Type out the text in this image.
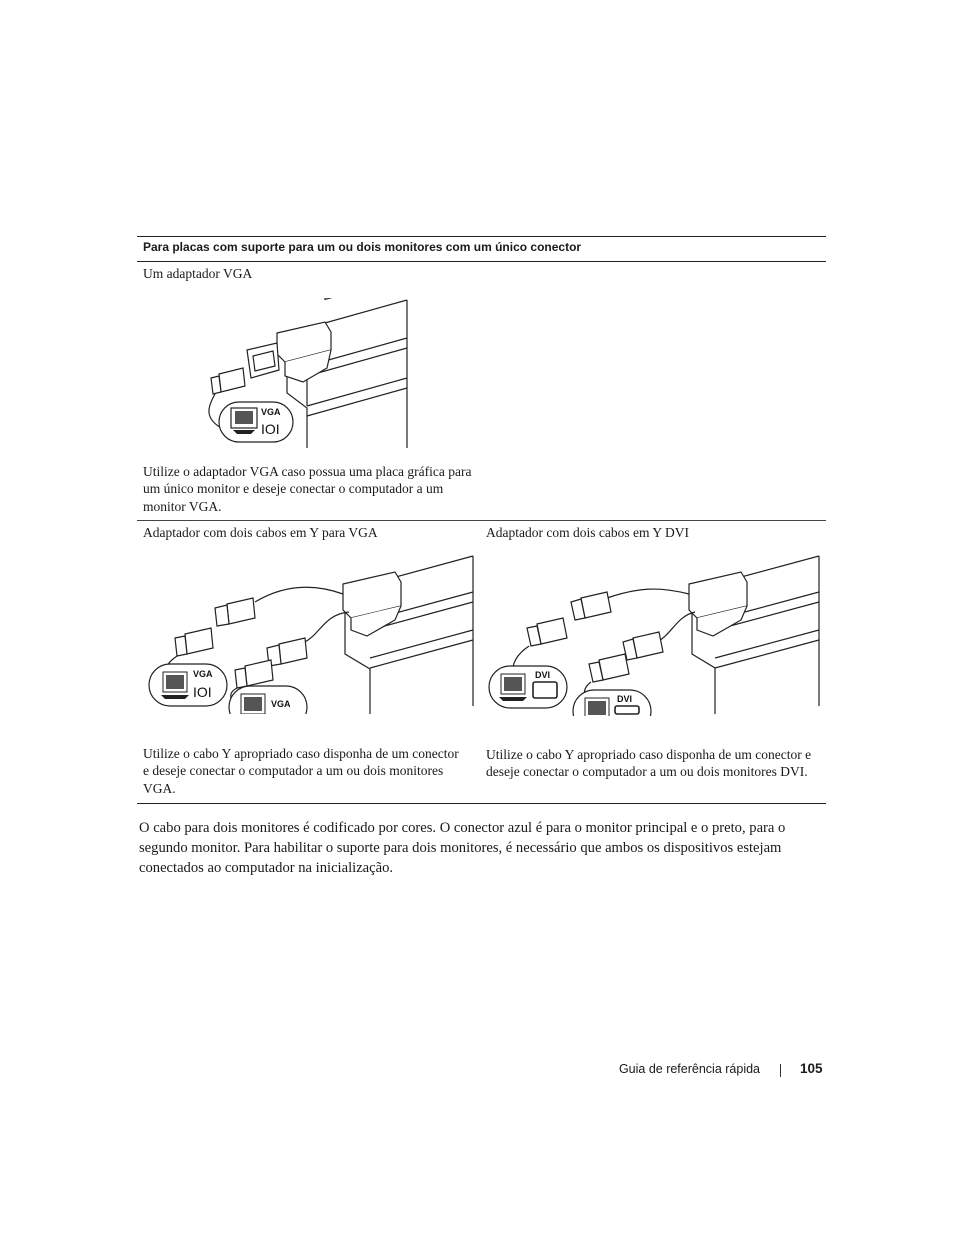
Para placas com suporte para um ou dois monitores com um único conector
Um adaptador VGA
VGA
IOI
Utilize o adaptador VGA caso possua uma placa gráfica para um único monitor e deseje conectar o computador a um monitor VGA.
Adaptador com dois cabos em Y para VGA
VGA
IOI
VGA
Utilize o cabo Y apropriado caso disponha de um conector e deseje conectar o computador a um ou dois monitores VGA.
Adaptador com dois cabos em Y DVI
DVI
DVI
Utilize o cabo Y apropriado caso disponha de um conector e deseje conectar o computador a um ou dois monitores DVI.
O cabo para dois monitores é codificado por cores. O conector azul é para o monitor principal e o preto, para o segundo monitor. Para habilitar o suporte para dois monitores, é necessário que ambos os dispositivos estejam conectados ao computador na inicialização.
Guia de referência rápida	105
